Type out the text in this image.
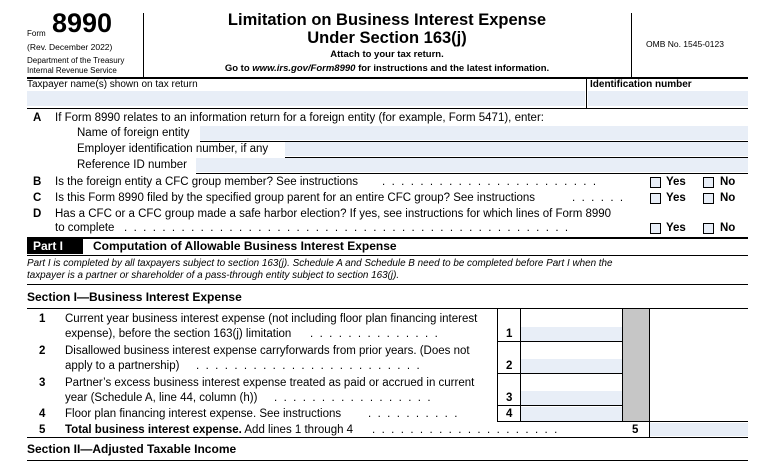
Form 8990
(Rev. December 2022)
Department of the Treasury
Internal Revenue Service
Limitation on Business Interest Expense
Under Section 163(j)
Attach to your tax return.
Go to www.irs.gov/Form8990 for instructions and the latest information.
OMB No. 1545-0123
Taxpayer name(s) shown on tax return	Identification number
A If Form 8990 relates to an information return for a foreign entity (for example, Form 5471), enter:
Name of foreign entity
Employer identification number, if any
Reference ID number
B Is the foreign entity a CFC group member? See instructions .  .  .  .  .  .  .  .  .  .  .  .  .  .  .  .  .  .  .  .  .  .  .	Yes	No
C Is this Form 8990 filed by the specified group parent for an entire CFC group? See instructions	.  .  .  .  .  .	Yes	No
D Has a CFC or a CFC group made a safe harbor election? If yes, see instructions for which lines of Form 8990
to complete .  .  .  .  .  .  .  .  .  .  .  .  .  .  .  .  .  .  .  .  .  .  .  .  .  .  .  .  .  .  .  .  .  .  .  .  .  .  .  .  .  .  .  .  .  .  .	Yes	No
Part I	Computation of Allowable Business Interest Expense
Part I is completed by all taxpayers subject to section 163(j). Schedule A and Schedule B need to be completed before Part I when the
taxpayer is a partner or shareholder of a pass-through entity subject to section 163(j).
Section I—Business Interest Expense
1 Current year business interest expense (not including floor plan financing interest
expense), before the section 163(j) limitation .  .  .  .  .  .  .  .  .  .  .  .  .  .	1
2 Disallowed business interest expense carryforwards from prior years. (Does not
apply to a partnership) .  .  .  .  .  .  .  .  .  .  .  .  .  .  .  .  .  .  .  .  .  .  .  .	2
3 Partner’s excess business interest expense treated as paid or accrued in current
year (Schedule A, line 44, column (h)) .  .  .  .  .  .  .  .  .  .  .  .  .  .  .  .  .	3
4 Floor plan financing interest expense. See instructions .  .  .  .  .  .  .  .  .  .	4
5 Total business interest expense. Add lines 1 through 4 .  .  .  .  .  .  .  .  .  .  .  .  .  .  .  .  .  .  .  .	5
Section II—Adjusted Taxable Income
